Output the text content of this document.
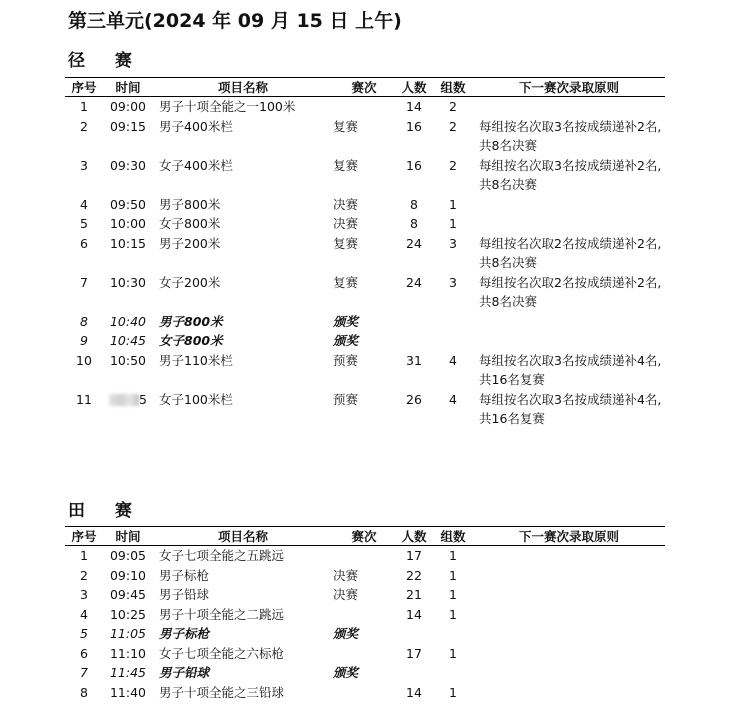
第三单元(2024 年 09 月 15 日 上午)
径 赛
序号	时间	项目名称	赛次	人数	组数	下一赛次录取原则
1	09:00	男子十项全能之一100米		14	2	
2	09:15	男子400米栏	复赛	16	2	每组按名次取3名按成绩递补2名,共8名决赛
3	09:30	女子400米栏	复赛	16	2	每组按名次取3名按成绩递补2名,共8名决赛
4	09:50	男子800米	决赛	8	1	
5	10:00	女子800米	决赛	8	1	
6	10:15	男子200米	复赛	24	3	每组按名次取2名按成绩递补2名,共8名决赛
7	10:30	女子200米	复赛	24	3	每组按名次取2名按成绩递补2名,共8名决赛
8	10:40	男子800米	颁奖			
9	10:45	女子800米	颁奖			
10	10:50	男子110米栏	预赛	31	4	每组按名次取3名按成绩递补4名,共16名复赛
11	5	女子100米栏	预赛	26	4	每组按名次取3名按成绩递补4名,共16名复赛
田 赛
序号	时间	项目名称	赛次	人数	组数	下一赛次录取原则
1	09:05	女子七项全能之五跳远		17	1	
2	09:10	男子标枪	决赛	22	1	
3	09:45	男子铅球	决赛	21	1	
4	10:25	男子十项全能之二跳远		14	1	
5	11:05	男子标枪	颁奖			
6	11:10	女子七项全能之六标枪		17	1	
7	11:45	男子铅球	颁奖			
8	11:40	男子十项全能之三铅球		14	1	
